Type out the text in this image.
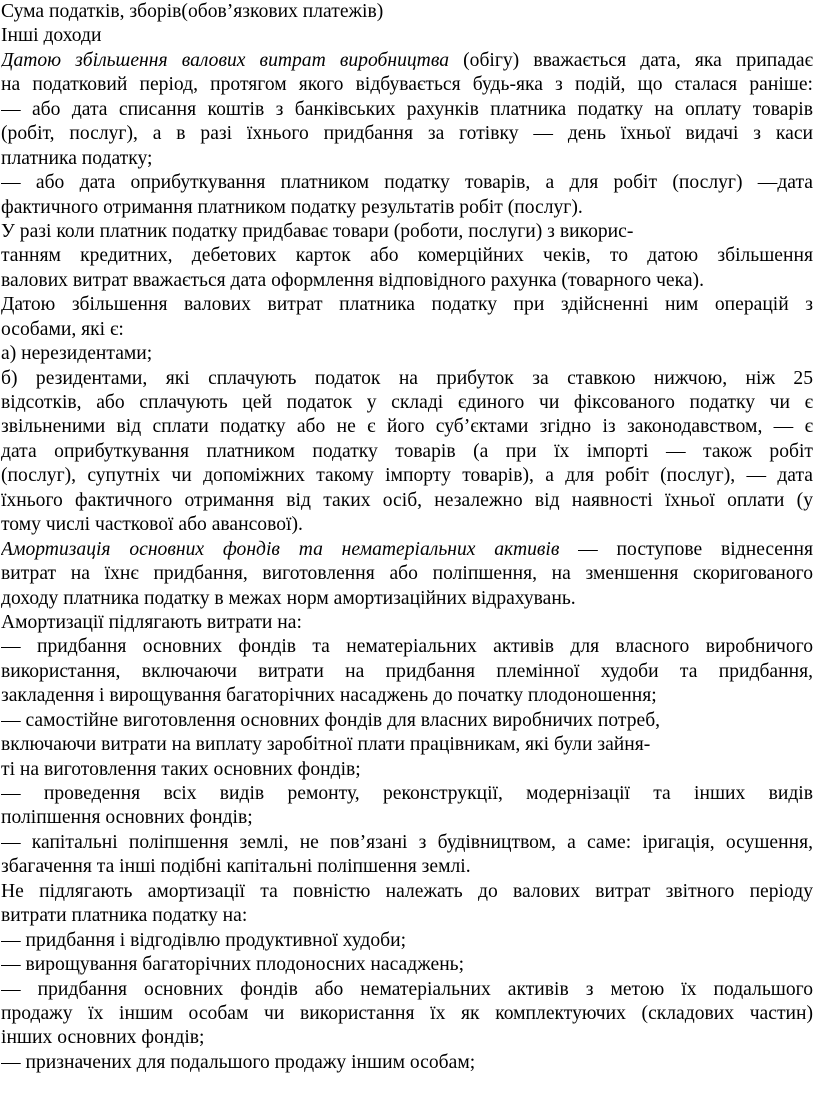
Сума податків, зборів(обов’язкових платежів)
Інші доходи
Датою збільшення валових витрат виробництва (обігу) вважається дата, яка припадає
на податковий період, протягом якого відбувається будь-яка з подій, що сталася раніше:
— або дата списання коштів з банківських рахунків платника податку на оплату товарів
(робіт, послуг), а в разі їхнього придбання за готівку — день їхньої видачі з каси
платника податку;
— або дата оприбуткування платником податку товарів, а для робіт (послуг) —дата
фактичного отримання платником податку результатів робіт (послуг).
У разі коли платник податку придбаває товари (роботи, послуги) з викорис-
танням кредитних, дебетових карток або комерційних чеків, то датою збільшення
валових витрат вважається дата оформлення відповідного рахунка (товарного чека).
Датою збільшення валових витрат платника податку при здійсненні ним операцій з
особами, які є:
а) нерезидентами;
б) резидентами, які сплачують податок на прибуток за ставкою нижчою, ніж 25
відсотків, або сплачують цей податок у складі єдиного чи фіксованого податку чи є
звільненими від сплати податку або не є його суб’єктами згідно із законодавством, — є
дата оприбуткування платником податку товарів (а при їх імпорті — також робіт
(послуг), супутніх чи допоміжних такому імпорту товарів), а для робіт (послуг), — дата
їхнього фактичного отримання від таких осіб, незалежно від наявності їхньої оплати (у
тому числі часткової або авансової).
Амортизація основних фондів та нематеріальних активів — поступове віднесення
витрат на їхнє придбання, виготовлення або поліпшення, на зменшення скоригованого
доходу платника податку в межах норм амортизаційних відрахувань.
Амортизації підлягають витрати на:
— придбання основних фондів та нематеріальних активів для власного виробничого
використання, включаючи витрати на придбання племінної худоби та придбання,
закладення і вирощування багаторічних насаджень до початку плодоношення;
— самостійне виготовлення основних фондів для власних виробничих потреб,
включаючи витрати на виплату заробітної плати працівникам, які були зайня-
ті на виготовлення таких основних фондів;
— проведення всіх видів ремонту, реконструкції, модернізації та інших видів
поліпшення основних фондів;
— капітальні поліпшення землі, не пов’язані з будівництвом, а саме: іригація, осушення,
збагачення та інші подібні капітальні поліпшення землі.
Не підлягають амортизації та повністю належать до валових витрат звітного періоду
витрати платника податку на:
— придбання і відгодівлю продуктивної худоби;
— вирощування багаторічних плодоносних насаджень;
— придбання основних фондів або нематеріальних активів з метою їх подальшого
продажу їх іншим особам чи використання їх як комплектуючих (складових частин)
інших основних фондів;
— призначених для подальшого продажу іншим особам;
